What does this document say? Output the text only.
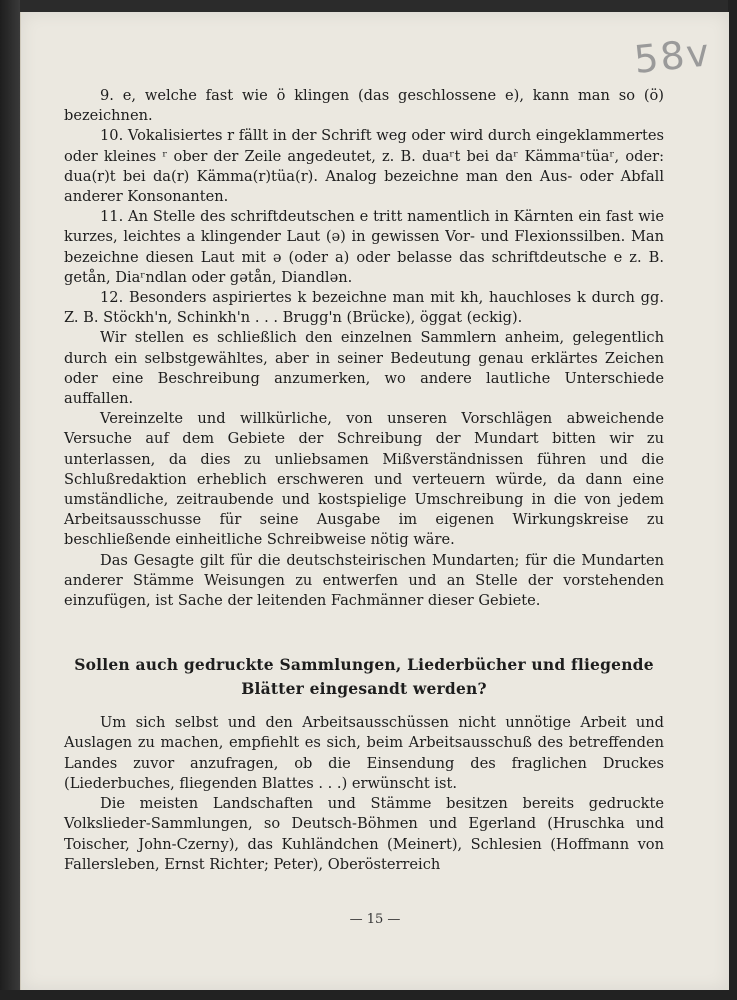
58v

9. e, welche fast wie ö klingen (das geschlossene e), kann man so (ö) bezeichnen.

10. Vokalisiertes r fällt in der Schrift weg oder wird durch eingeklammertes oder kleines ʳ ober der Zeile angedeutet, z. B. duaʳt bei daʳ Kämmaʳtüaʳ, oder: dua(r)t bei da(r) Kämma(r)tüa(r). Analog bezeichne man den Aus- oder Abfall anderer Konsonanten.

11. An Stelle des schriftdeutschen e tritt namentlich in Kärnten ein fast wie kurzes, leichtes a klingender Laut (ə) in gewissen Vor- und Flexionssilben. Man bezeichne diesen Laut mit ə (oder a) oder belasse das schriftdeutsche e z. B. getån, Diaʳndlan oder gətån, Diandlən.

12. Besonders aspiriertes k bezeichne man mit kh, hauchloses k durch gg. Z. B. Stöckh'n, Schinkh'n . . . Brugg'n (Brücke), öggat (eckig).

Wir stellen es schließlich den einzelnen Sammlern anheim, gelegentlich durch ein selbstgewähltes, aber in seiner Bedeutung genau erklärtes Zeichen oder eine Beschreibung anzumerken, wo andere lautliche Unterschiede auffallen.

Vereinzelte und willkürliche, von unseren Vorschlägen abweichende Versuche auf dem Gebiete der Schreibung der Mundart bitten wir zu unterlassen, da dies zu unliebsamen Mißverständnissen führen und die Schlußredaktion erheblich erschweren und verteuern würde, da dann eine umständliche, zeitraubende und kostspielige Umschreibung in die von jedem Arbeitsausschusse für seine Ausgabe im eigenen Wirkungskreise zu beschließende einheitliche Schreibweise nötig wäre.

Das Gesagte gilt für die deutschsteirischen Mundarten; für die Mundarten anderer Stämme Weisungen zu entwerfen und an Stelle der vorstehenden einzufügen, ist Sache der leitenden Fachmänner dieser Gebiete.

Sollen auch gedruckte Sammlungen, Liederbücher und fliegende Blätter eingesandt werden?

Um sich selbst und den Arbeitsausschüssen nicht unnötige Arbeit und Auslagen zu machen, empfiehlt es sich, beim Arbeitsausschuß des betreffenden Landes zuvor anzufragen, ob die Einsendung des fraglichen Druckes (Liederbuches, fliegenden Blattes . . .) erwünscht ist.

Die meisten Landschaften und Stämme besitzen bereits gedruckte Volkslieder-Sammlungen, so Deutsch-Böhmen und Egerland (Hruschka und Toischer, John-Czerny), das Kuhländchen (Meinert), Schlesien (Hoffmann von Fallersleben, Ernst Richter; Peter), Oberösterreich

— 15 —
